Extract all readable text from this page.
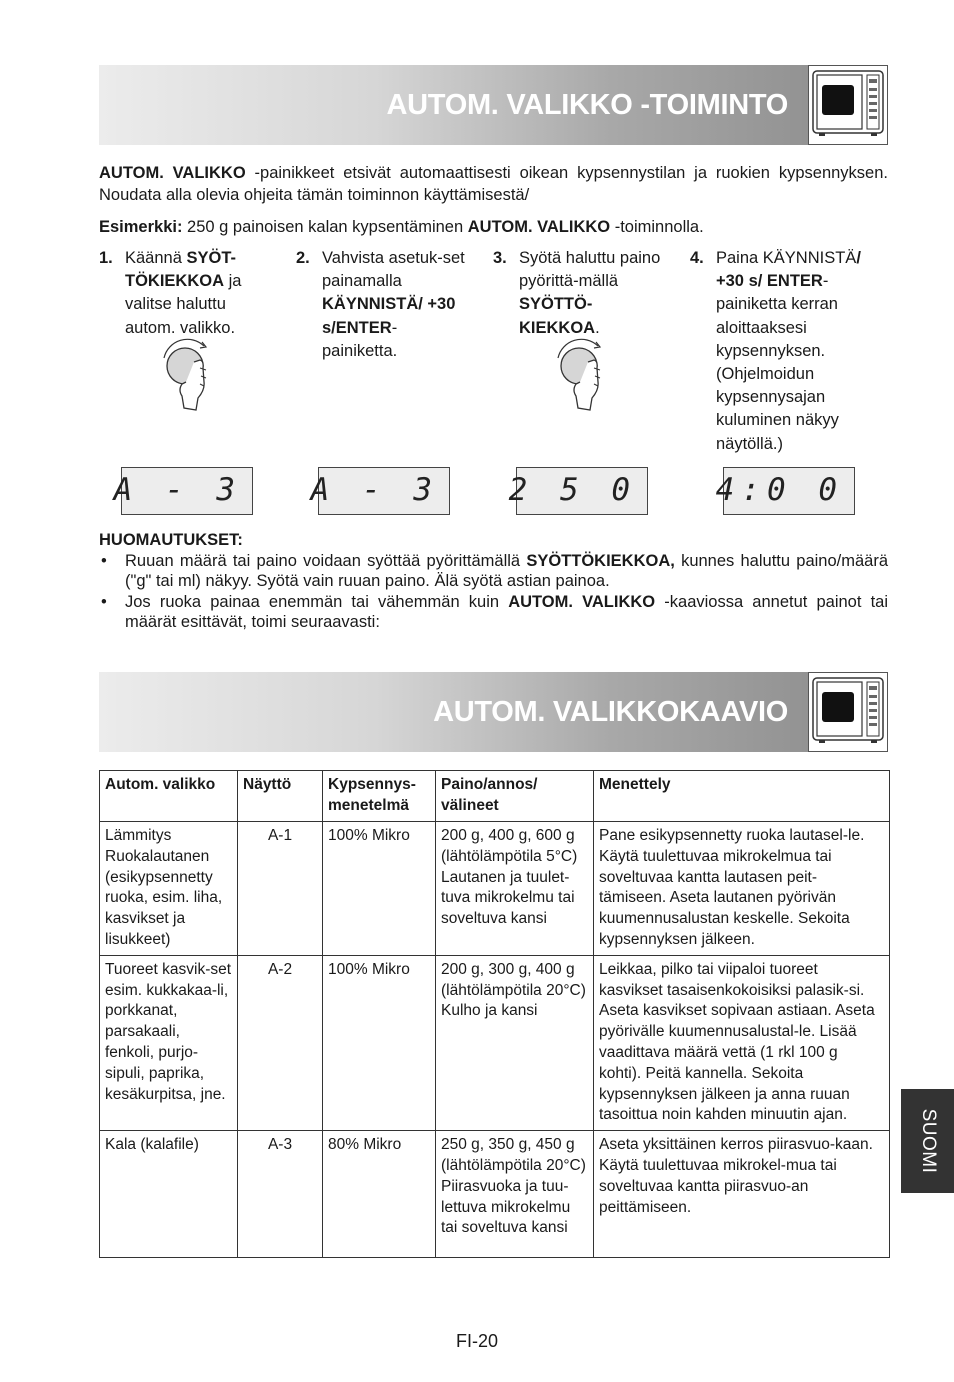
AUTOM. VALIKKO -TOIMINTO
AUTOM. VALIKKO -painikkeet etsivät automaattisesti oikean kypsennystilan ja ruokien kypsennyksen. Noudata alla olevia ohjeita tämän toiminnon käyttämisestä/
Esimerkki: 250 g painoisen kalan kypsentäminen AUTOM. VALIKKO -toiminnolla.
1. Käännä SYÖT-TÖKIEKKOA ja valitse haluttu autom. valikko.
2. Vahvista asetuk-set painamalla KÄYNNISTÄ/ +30 s/ENTER-painiketta.
3. Syötä haluttu paino pyörittä-mällä SYÖTTÖ-KIEKKOA.
4. Paina KÄYNNISTÄ/ +30 s/ ENTER-painiketta kerran aloittaaksesi kypsennyksen. (Ohjelmoidun kypsennysajan kuluminen näkyy näytöllä.)
A - 3 A - 3 2 5 0	4:0 0
HUOMAUTUKSET:
• Ruuan määrä tai paino voidaan syöttää pyörittämällä SYÖTTÖKIEKKOA, kunnes haluttu paino/määrä ("g" tai ml) näkyy. Syötä vain ruuan paino. Älä syötä astian painoa.
• Jos ruoka painaa enemmän tai vähemmän kuin AUTOM. VALIKKO -kaaviossa annetut painot tai määrät esittävät, toimi seuraavasti:
AUTOM. VALIKKOKAAVIO
Autom. valikko	Näyttö	Kypsennys-menetelmä	Paino/annos/ välineet	Menettely
Lämmitys Ruokalautanen (esikypsennetty ruoka, esim. liha, kasvikset ja lisukkeet)	A-1	100% Mikro	200 g, 400 g, 600 g (lähtölämpötila 5°C) Lautanen ja tuulet-tuva mikrokelmu tai soveltuva kansi	Pane esikypsennetty ruoka lautasel-le. Käytä tuulettuvaa mikrokelmua tai soveltuvaa kantta lautasen peit-tämiseen. Aseta lautanen pyörivän kuumennusalustan keskelle. Sekoita kypsennyksen jälkeen.
Tuoreet kasvik-set esim. kukkakaa-li, porkkanat, parsakaali, fenkoli, purjo-sipuli, paprika, kesäkurpitsa, jne.	A-2	100% Mikro	200 g, 300 g, 400 g (lähtölämpötila 20°C) Kulho ja kansi	Leikkaa, pilko tai viipaloi tuoreet kasvikset tasaisenkokoisiksi palasik-si. Aseta kasvikset sopivaan astiaan. Aseta pyörivälle kuumennusalustal-le. Lisää vaadittava määrä vettä (1 rkl 100 g kohti). Peitä kannella. Sekoita kypsennyksen jälkeen ja anna ruuan tasoittua noin kahden minuutin ajan.
Kala (kalafile)	A-3	80% Mikro	250 g, 350 g, 450 g (lähtölämpötila 20°C) Piirasvuoka ja tuu-lettuva mikrokelmu tai soveltuva kansi	Aseta yksittäinen kerros piirasvuo-kaan. Käytä tuulettuvaa mikrokel-mua tai soveltuvaa kantta piirasvuo-an peittämiseen.
FI-20
SUOMI
